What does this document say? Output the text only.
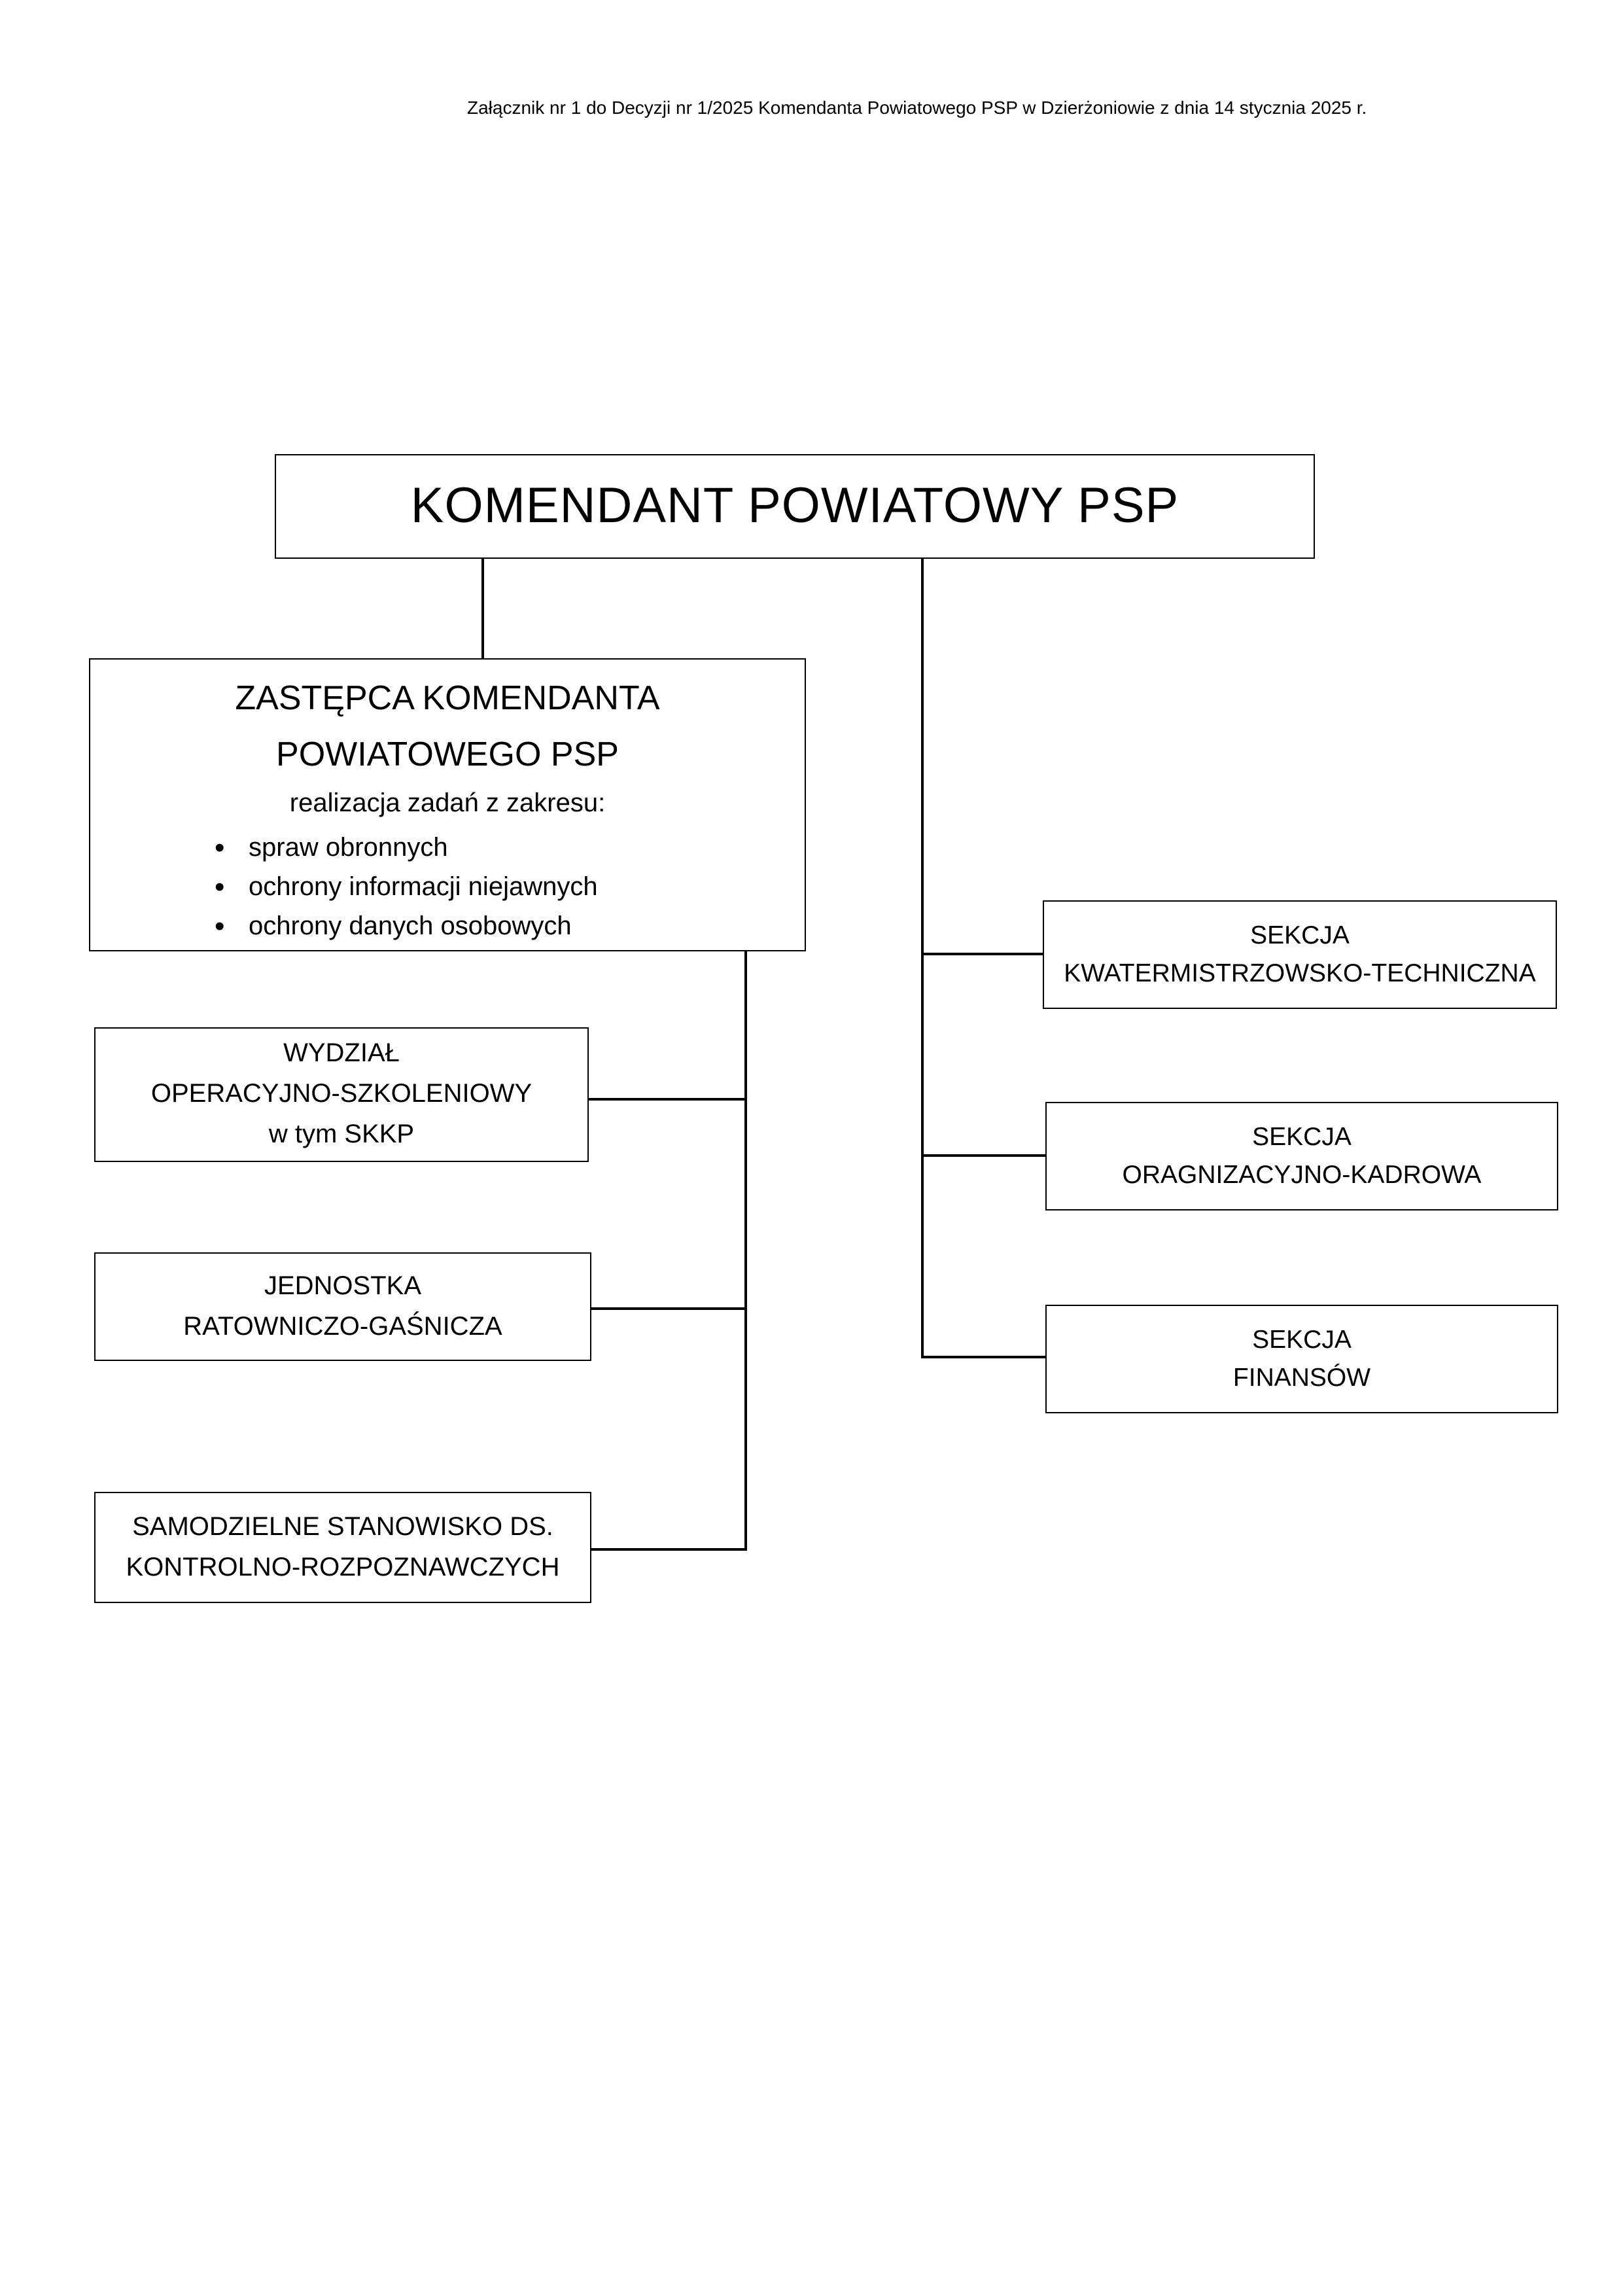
Załącznik nr 1 do Decyzji nr 1/2025 Komendanta Powiatowego PSP w Dzierżoniowie z dnia 14 stycznia 2025 r.
KOMENDANT POWIATOWY PSP
ZASTĘPCA KOMENDANTA
POWIATOWEGO PSP
realizacja zadań z zakresu:
• spraw obronnych
• ochrony informacji niejawnych
• ochrony danych osobowych
WYDZIAŁ
OPERACYJNO-SZKOLENIOWY
w tym SKKP
JEDNOSTKA
RATOWNICZO-GAŚNICZA
SAMODZIELNE STANOWISKO DS.
KONTROLNO-ROZPOZNAWCZYCH
SEKCJA
KWATERMISTRZOWSKO-TECHNICZNA
SEKCJA
ORAGNIZACYJNO-KADROWA
SEKCJA
FINANSÓW
